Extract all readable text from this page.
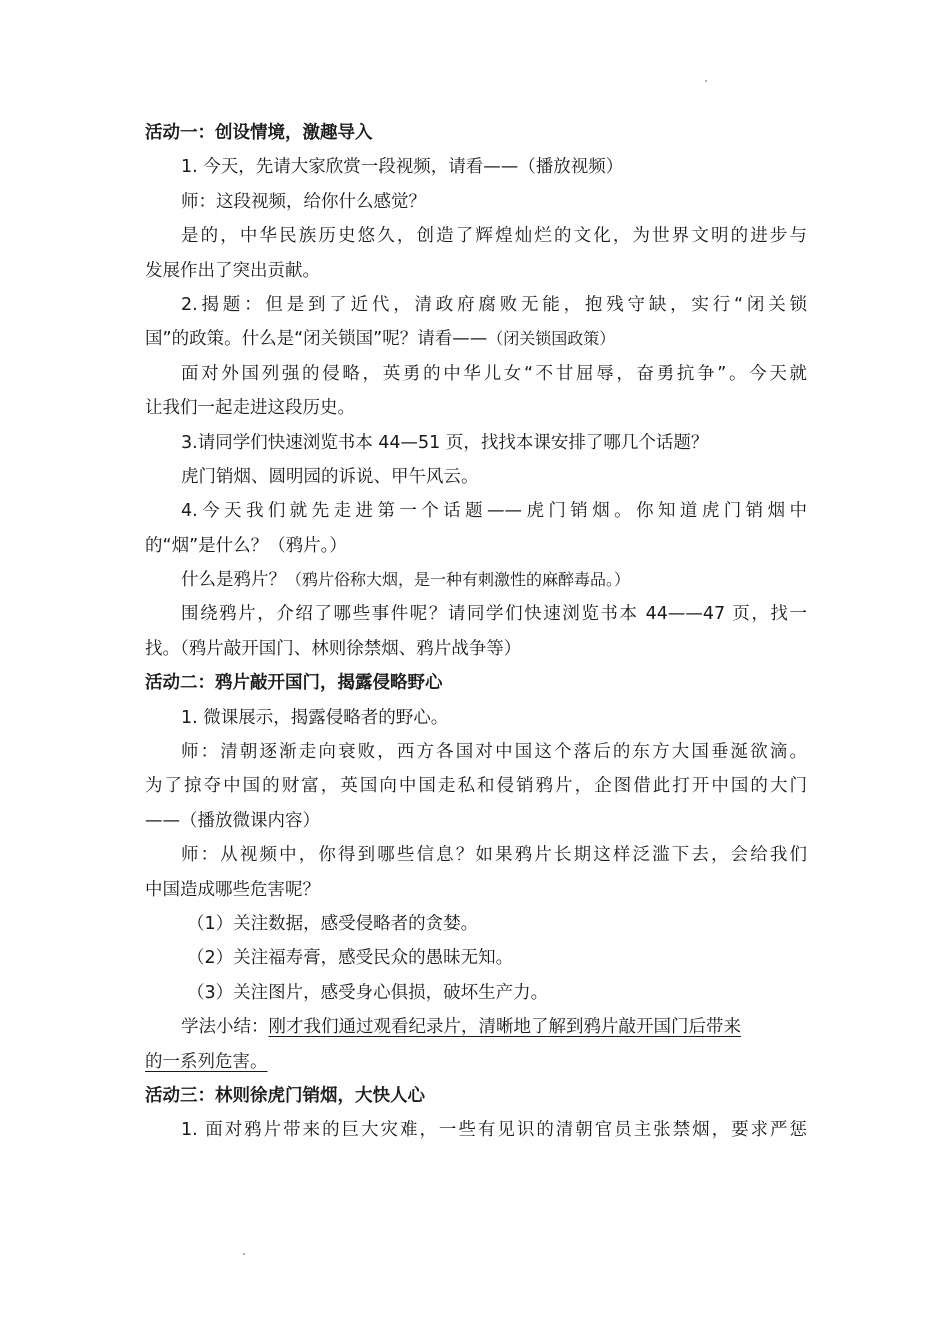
活动一：创设情境，激趣导入
1. 今天，先请大家欣赏一段视频，请看——（播放视频）
师：这段视频，给你什么感觉？
是的，中华民族历史悠久，创造了辉煌灿烂的文化，为世界文明的进步与
发展作出了突出贡献。
2.揭题：但是到了近代，清政府腐败无能，抱残守缺，实行“闭关锁
国”的政策。什么是“闭关锁国”呢？请看——（闭关锁国政策）
面对外国列强的侵略，英勇的中华儿女“不甘屈辱，奋勇抗争”。今天就
让我们一起走进这段历史。
3.请同学们快速浏览书本 44—51 页，找找本课安排了哪几个话题？
虎门销烟、圆明园的诉说、甲午风云。
4.今天我们就先走进第一个话题——虎门销烟。你知道虎门销烟中
的“烟”是什么？（鸦片。）
什么是鸦片？（鸦片俗称大烟，是一种有刺激性的麻醉毒品。）
围绕鸦片，介绍了哪些事件呢？请同学们快速浏览书本 44——47 页，找一
找。（鸦片敲开国门、林则徐禁烟、鸦片战争等）
活动二：鸦片敲开国门，揭露侵略野心
1. 微课展示，揭露侵略者的野心。
师：清朝逐渐走向衰败，西方各国对中国这个落后的东方大国垂涎欲滴。
为了掠夺中国的财富，英国向中国走私和侵销鸦片，企图借此打开中国的大门
——（播放微课内容）
师：从视频中，你得到哪些信息？如果鸦片长期这样泛滥下去，会给我们
中国造成哪些危害呢？
（1）关注数据，感受侵略者的贪婪。
（2）关注福寿膏，感受民众的愚昧无知。
（3）关注图片，感受身心俱损，破坏生产力。
学法小结：刚才我们通过观看纪录片，清晰地了解到鸦片敲开国门后带来
的一系列危害。
活动三：林则徐虎门销烟，大快人心
1. 面对鸦片带来的巨大灾难，一些有见识的清朝官员主张禁烟，要求严惩
